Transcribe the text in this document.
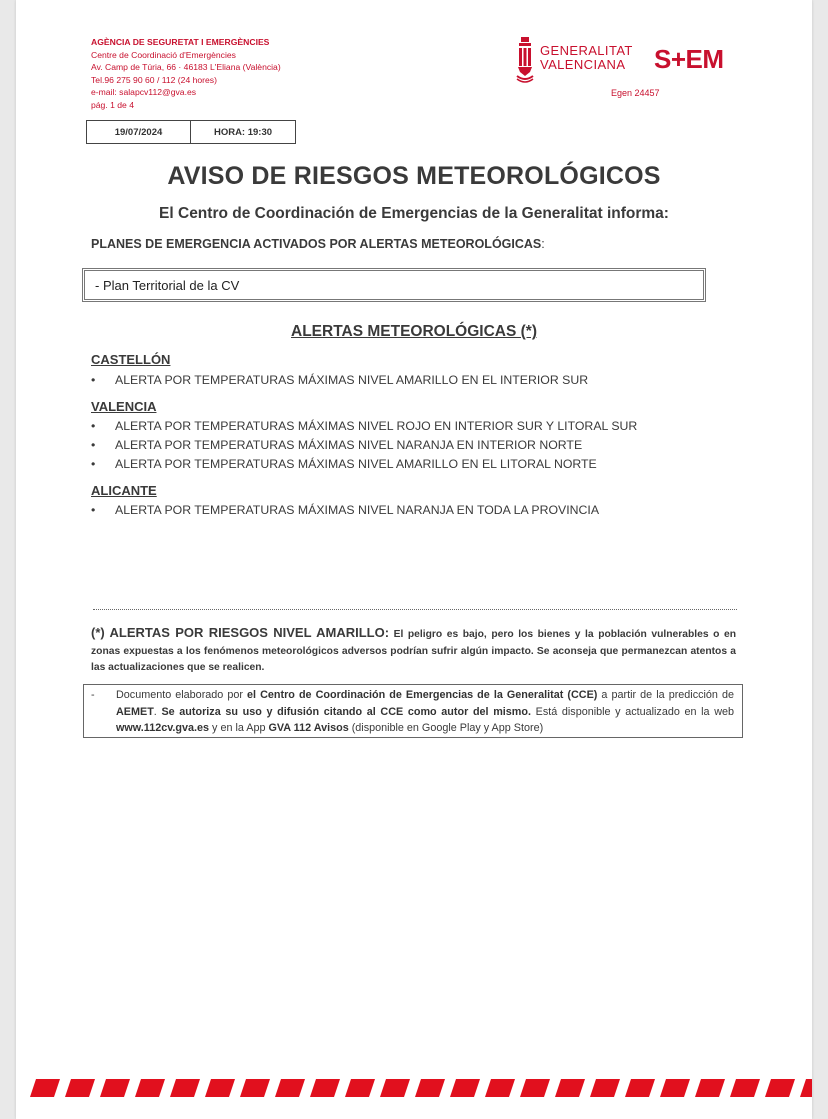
AGÈNCIA DE SEGURETAT I EMERGÈNCIES
Centre de Coordinació d'Emergències
Av. Camp de Túria, 66 · 46183 L'Eliana (València)
Tel.96 275 90 60 / 112 (24 hores)
e-mail: salapcv112@gva.es
pág. 1 de 4
GENERALITAT
VALENCIANA S+EM
Egen 24457
19/07/2024	HORA: 19:30
AVISO DE RIESGOS METEOROLÓGICOS
El Centro de Coordinación de Emergencias de la Generalitat informa:
PLANES DE EMERGENCIA ACTIVADOS POR ALERTAS METEOROLÓGICAS:
- Plan Territorial de la CV
ALERTAS METEOROLÓGICAS (*)
CASTELLÓN
• ALERTA POR TEMPERATURAS MÁXIMAS NIVEL AMARILLO EN EL INTERIOR SUR
VALENCIA
• ALERTA POR TEMPERATURAS MÁXIMAS NIVEL ROJO EN INTERIOR SUR Y LITORAL SUR
• ALERTA POR TEMPERATURAS MÁXIMAS NIVEL NARANJA EN INTERIOR NORTE
• ALERTA POR TEMPERATURAS MÁXIMAS NIVEL AMARILLO EN EL LITORAL NORTE
ALICANTE
• ALERTA POR TEMPERATURAS MÁXIMAS NIVEL NARANJA EN TODA LA PROVINCIA
(*) ALERTAS POR RIESGOS NIVEL AMARILLO: El peligro es bajo, pero los bienes y la población vulnerables o en zonas expuestas a los fenómenos meteorológicos adversos podrían sufrir algún impacto. Se aconseja que permanezcan atentos a las actualizaciones que se realicen.
- Documento elaborado por el Centro de Coordinación de Emergencias de la Generalitat (CCE) a partir de la predicción de AEMET. Se autoriza su uso y difusión citando al CCE como autor del mismo. Está disponible y actualizado en la web www.112cv.gva.es y en la App GVA 112 Avisos (disponible en Google Play y App Store)
